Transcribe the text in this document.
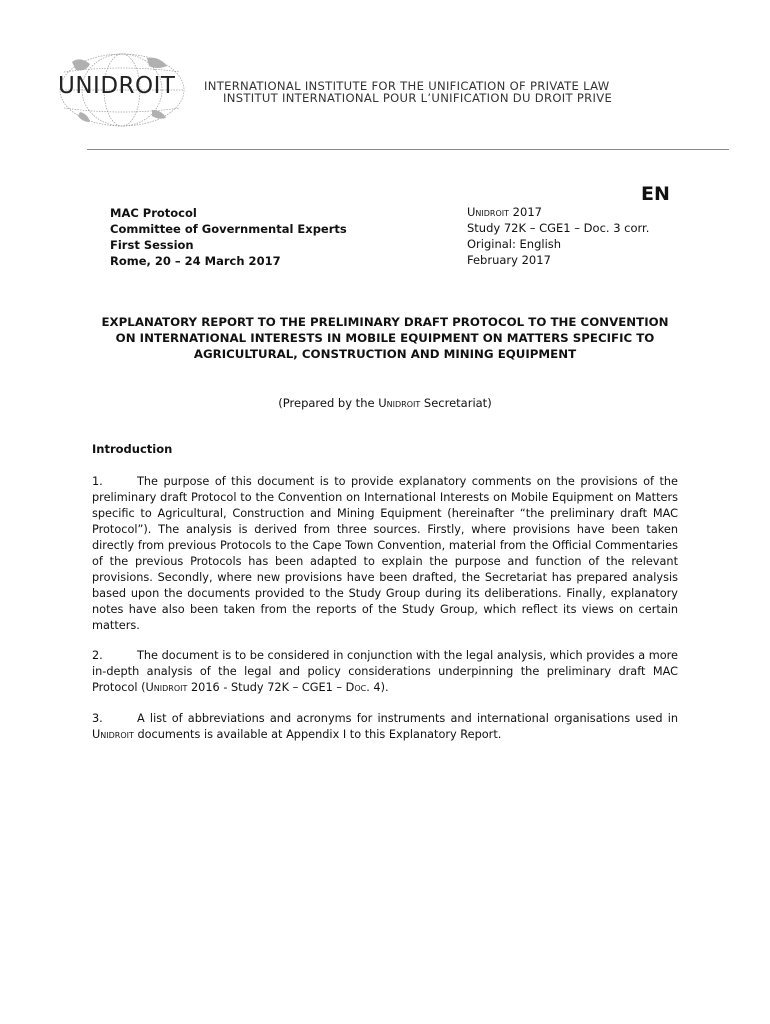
UNIDROIT INTERNATIONAL INSTITUTE FOR THE UNIFICATION OF PRIVATE LAW
INSTITUT INTERNATIONAL POUR L’UNIFICATION DU DROIT PRIVE
EN
MAC Protocol
Committee of Governmental Experts
First Session
Rome, 20 – 24 March 2017
Unidroit 2017
Study 72K – CGE1 – Doc. 3 corr.
Original: English
February 2017
EXPLANATORY REPORT TO THE PRELIMINARY DRAFT PROTOCOL TO THE CONVENTION ON INTERNATIONAL INTERESTS IN MOBILE EQUIPMENT ON MATTERS SPECIFIC TO AGRICULTURAL, CONSTRUCTION AND MINING EQUIPMENT
(Prepared by the Unidroit Secretariat)
Introduction
1.	The purpose of this document is to provide explanatory comments on the provisions of the preliminary draft Protocol to the Convention on International Interests on Mobile Equipment on Matters specific to Agricultural, Construction and Mining Equipment (hereinafter “the preliminary draft MAC Protocol”). The analysis is derived from three sources. Firstly, where provisions have been taken directly from previous Protocols to the Cape Town Convention, material from the Official Commentaries of the previous Protocols has been adapted to explain the purpose and function of the relevant provisions. Secondly, where new provisions have been drafted, the Secretariat has prepared analysis based upon the documents provided to the Study Group during its deliberations. Finally, explanatory notes have also been taken from the reports of the Study Group, which reflect its views on certain matters.
2.	The document is to be considered in conjunction with the legal analysis, which provides a more in-depth analysis of the legal and policy considerations underpinning the preliminary draft MAC Protocol (Unidroit 2016 - Study 72K – CGE1 – Doc. 4).
3.	A list of abbreviations and acronyms for instruments and international organisations used in Unidroit documents is available at Appendix I to this Explanatory Report.
